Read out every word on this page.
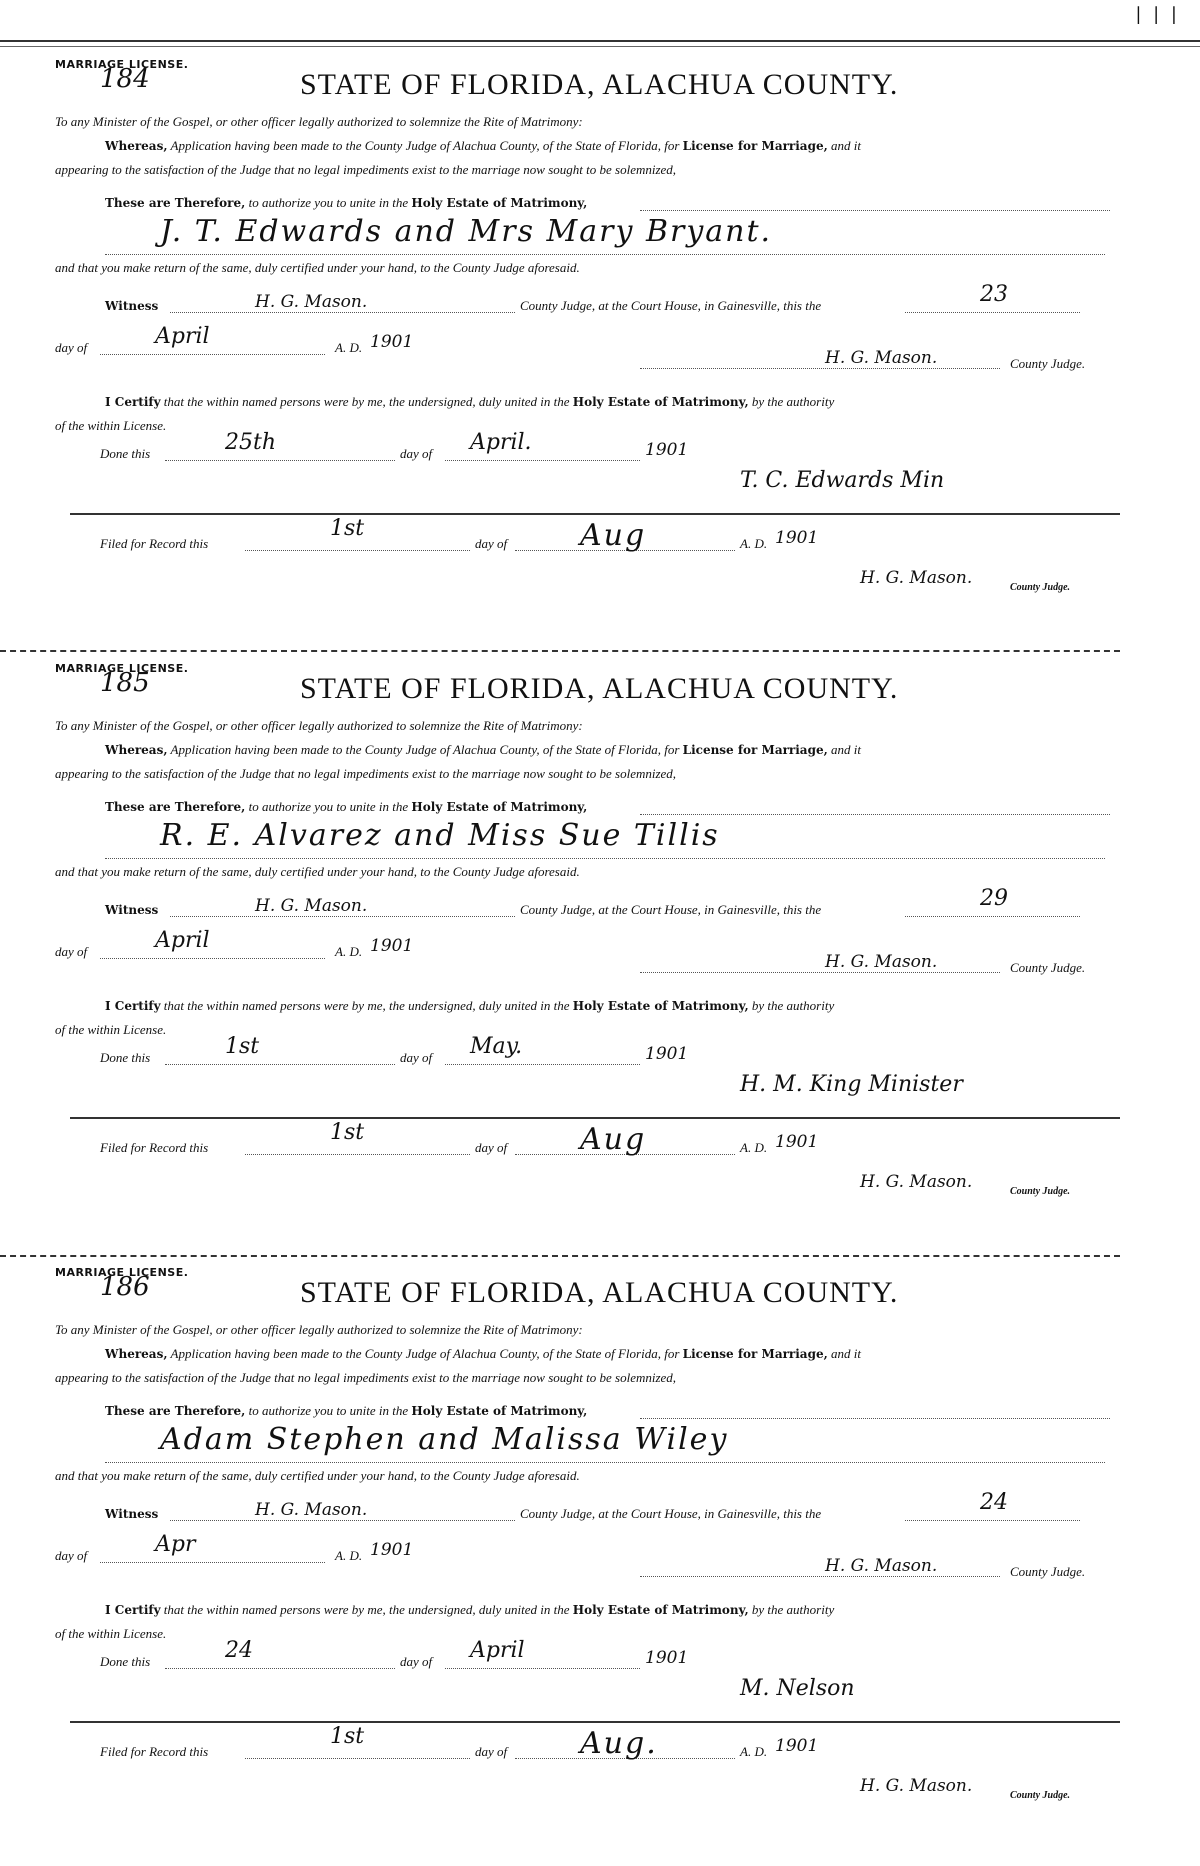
| | |
MARRIAGE LICENSE.
184	STATE OF FLORIDA, ALACHUA COUNTY.
To any Minister of the Gospel, or other officer legally authorized to solemnize the Rite of Matrimony:
Whereas, Application having been made to the County Judge of Alachua County, of the State of Florida, for License for Marriage, and it
appearing to the satisfaction of the Judge that no legal impediments exist to the marriage now sought to be solemnized,
These are Therefore, to authorize you to unite in the Holy Estate of Matrimony,
J. T. Edwards and Mrs Mary Bryant.
and that you make return of the same, duly certified under your hand, to the County Judge aforesaid.
Witness	H. G. Mason.	County Judge, at the Court House, in Gainesville, this the	23
day of	April	A. D. 1901
H. G. Mason.	County Judge.
I Certify that the within named persons were by me, the undersigned, duly united in the Holy Estate of Matrimony, by the authority
of the within License.
Done this	25th	day of April.	1901
T. C. Edwards Min
Filed for Record this
1st
day of Aug	A. D. 1901
H. G. Mason.	County Judge.
MARRIAGE LICENSE.
185	STATE OF FLORIDA, ALACHUA COUNTY.
To any Minister of the Gospel, or other officer legally authorized to solemnize the Rite of Matrimony:
Whereas, Application having been made to the County Judge of Alachua County, of the State of Florida, for License for Marriage, and it
appearing to the satisfaction of the Judge that no legal impediments exist to the marriage now sought to be solemnized,
These are Therefore, to authorize you to unite in the Holy Estate of Matrimony,
R. E. Alvarez and Miss Sue Tillis
and that you make return of the same, duly certified under your hand, to the County Judge aforesaid.
Witness	H. G. Mason.	County Judge, at the Court House, in Gainesville, this the	29
day of	April	A. D. 1901
H. G. Mason.	County Judge.
I Certify that the within named persons were by me, the undersigned, duly united in the Holy Estate of Matrimony, by the authority
of the within License.
Done this	1st	day of May.	1901
H. M. King Minister
Filed for Record this
1st
day of Aug	A. D. 1901
H. G. Mason.	County Judge.
MARRIAGE LICENSE.
186	STATE OF FLORIDA, ALACHUA COUNTY.
To any Minister of the Gospel, or other officer legally authorized to solemnize the Rite of Matrimony:
Whereas, Application having been made to the County Judge of Alachua County, of the State of Florida, for License for Marriage, and it
appearing to the satisfaction of the Judge that no legal impediments exist to the marriage now sought to be solemnized,
These are Therefore, to authorize you to unite in the Holy Estate of Matrimony,
Adam Stephen and Malissa Wiley
and that you make return of the same, duly certified under your hand, to the County Judge aforesaid.
Witness	H. G. Mason.	County Judge, at the Court House, in Gainesville, this the	24
day of	Apr	A. D. 1901
H. G. Mason.	County Judge.
I Certify that the within named persons were by me, the undersigned, duly united in the Holy Estate of Matrimony, by the authority
of the within License.
Done this	24	day of April	1901
M. Nelson
Filed for Record this
1st
day of Aug.	A. D. 1901
H. G. Mason.	County Judge.
